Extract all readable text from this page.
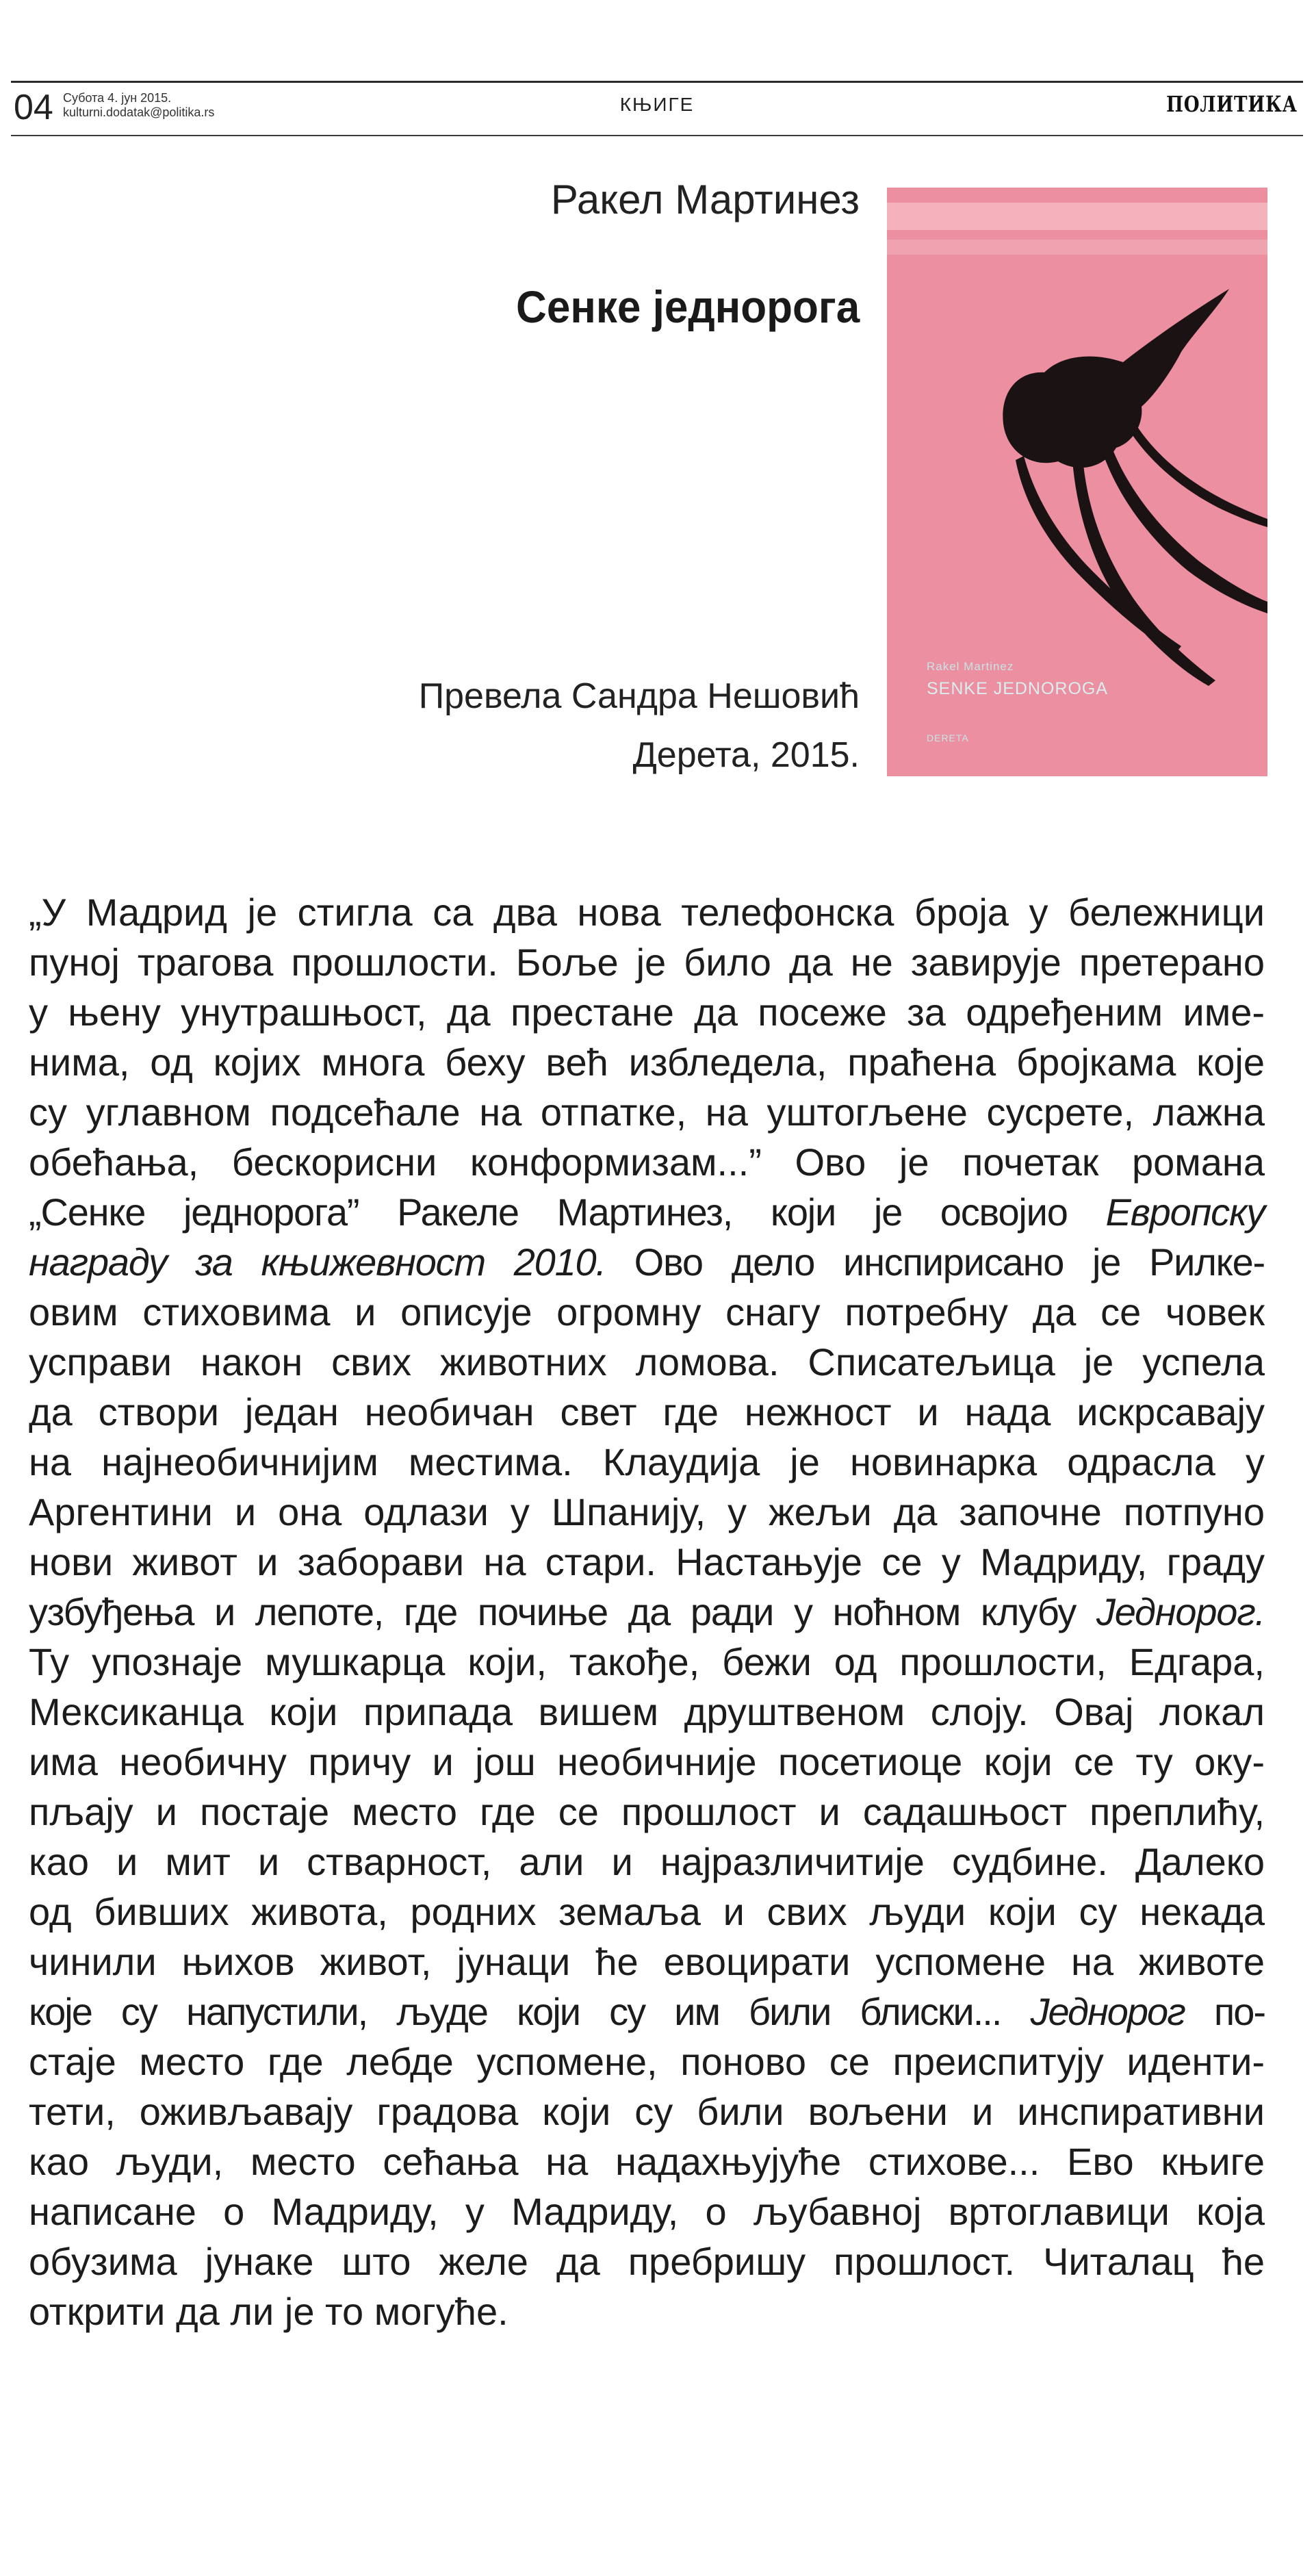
04 Субота 4. јун 2015.
kulturni.dodatak@politika.rs	КЊИГЕ	ПОЛИТИКА
Ракел Мартинез
Сенке једнорога
Превела Сандра Нешовић
Дерета, 2015.
Rakel Martinez
SENKE JEDNOROGA
DERETA
„У Мадрид је стигла са два нова телефонска броја у бележници
пуној трагова прошлости. Боље је било да не завирује претерано
у њену унутрашњост, да престане да посеже за одређеним име-
нима, од којих многа беху већ избледела, праћена бројкама које
су углавном подсећале на отпатке, на уштогљене сусрете, лажна
обећања, бескорисни конформизам...” Ово је почетак романа
„Сенке једнорога” Ракеле Мартинез, који је освојио Европску
награду за књижевност 2010. Ово дело инспирисано је Рилке-
овим стиховима и описује огромну снагу потребну да се човек
усправи након свих животних ломова. Списатељица је успела
да створи један необичан свет где нежност и нада искрсавају
на најнеобичнијим местима. Клаудија је новинарка одрасла у
Аргентини и она одлази у Шпанију, у жељи да започне потпуно
нови живот и заборави на стари. Настањује се у Мадриду, граду
узбуђења и лепоте, где почиње да ради у ноћном клубу Једнорог.
Ту упознаје мушкарца који, такође, бежи од прошлости, Едгара,
Мексиканца који припада вишем друштвеном слоју. Овај локал
има необичну причу и још необичније посетиоце који се ту оку-
пљају и постаје место где се прошлост и садашњост преплићу,
као и мит и стварност, али и најразличитије судбине. Далеко
од бивших живота, родних земаља и свих људи који су некада
чинили њихов живот, јунаци ће евоцирати успомене на животе
које су напустили, људе који су им били блиски... Једнорог по-
стаје место где лебде успомене, поново се преиспитују иденти-
тети, оживљавају градова који су били вољени и инспиративни
као људи, место сећања на надахњујуће стихове... Ево књиге
написане о Мадриду, у Мадриду, о љубавној вртоглавици која
обузима јунаке што желе да пребришу прошлост. Читалац ће
открити да ли је то могуће.
